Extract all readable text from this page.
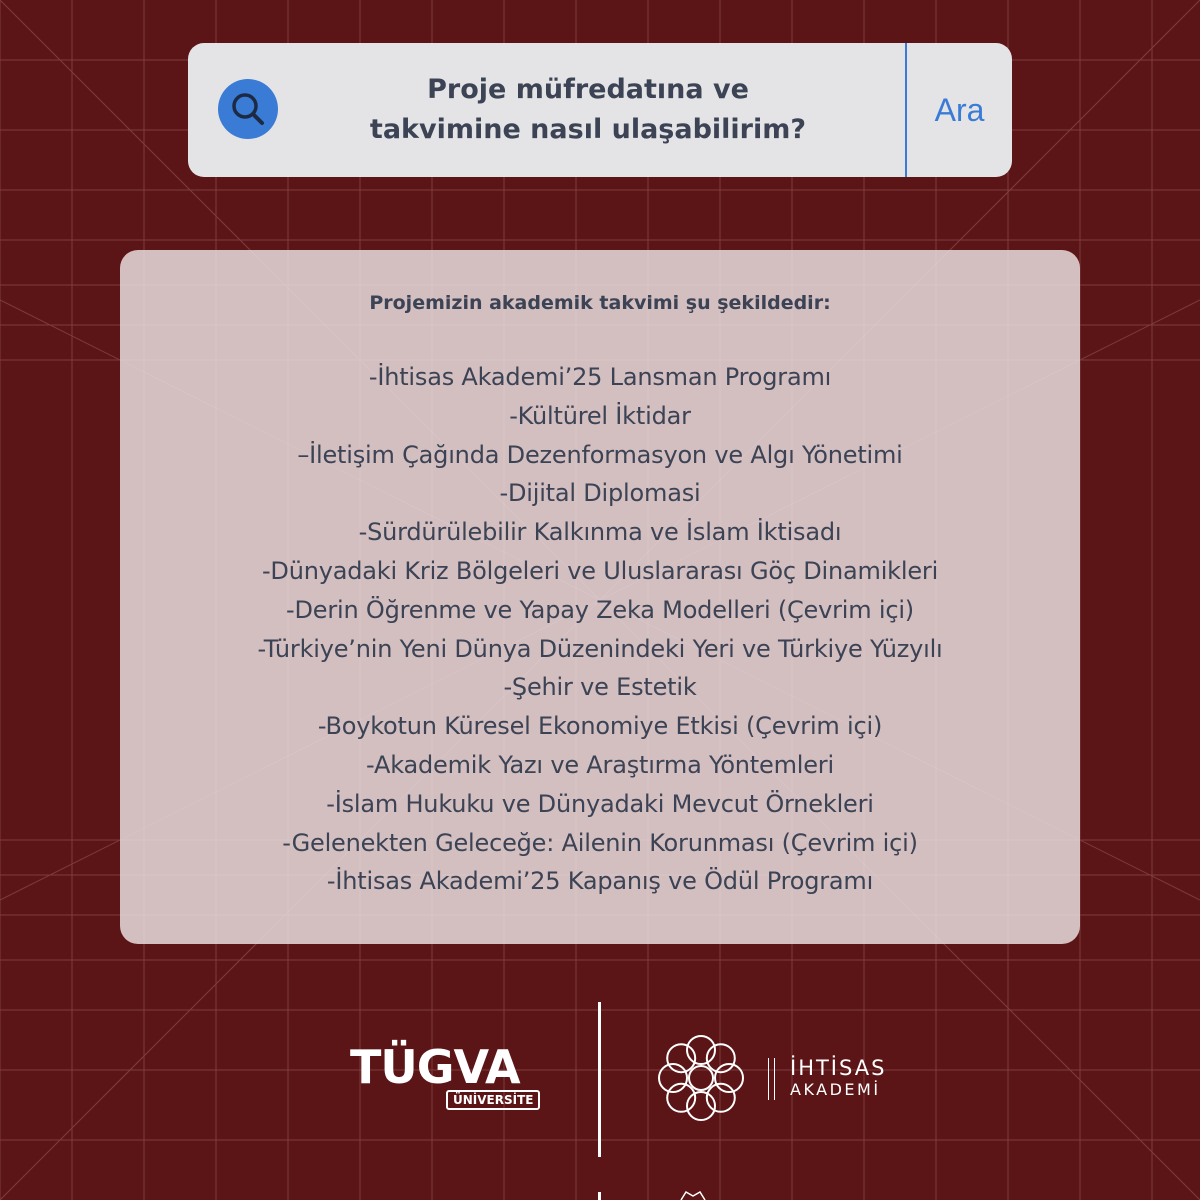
Proje müfredatına ve
takvimine nasıl ulaşabilirim?
Ara
Projemizin akademik takvimi şu şekildedir:
-İhtisas Akademi’25 Lansman Programı
-Kültürel İktidar
–İletişim Çağında Dezenformasyon ve Algı Yönetimi
-Dijital Diplomasi
-Sürdürülebilir Kalkınma ve İslam İktisadı
-Dünyadaki Kriz Bölgeleri ve Uluslararası Göç Dinamikleri
-Derin Öğrenme ve Yapay Zeka Modelleri (Çevrim içi)
-Türkiye’nin Yeni Dünya Düzenindeki Yeri ve Türkiye Yüzyılı
-Şehir ve Estetik
-Boykotun Küresel Ekonomiye Etkisi (Çevrim içi)
-Akademik Yazı ve Araştırma Yöntemleri
-İslam Hukuku ve Dünyadaki Mevcut Örnekleri
-Gelenekten Geleceğe: Ailenin Korunması (Çevrim içi)
-İhtisas Akademi’25 Kapanış ve Ödül Programı
TÜGVA
ÜNİVERSİTE
İHTİSAS
AKADEMİ
